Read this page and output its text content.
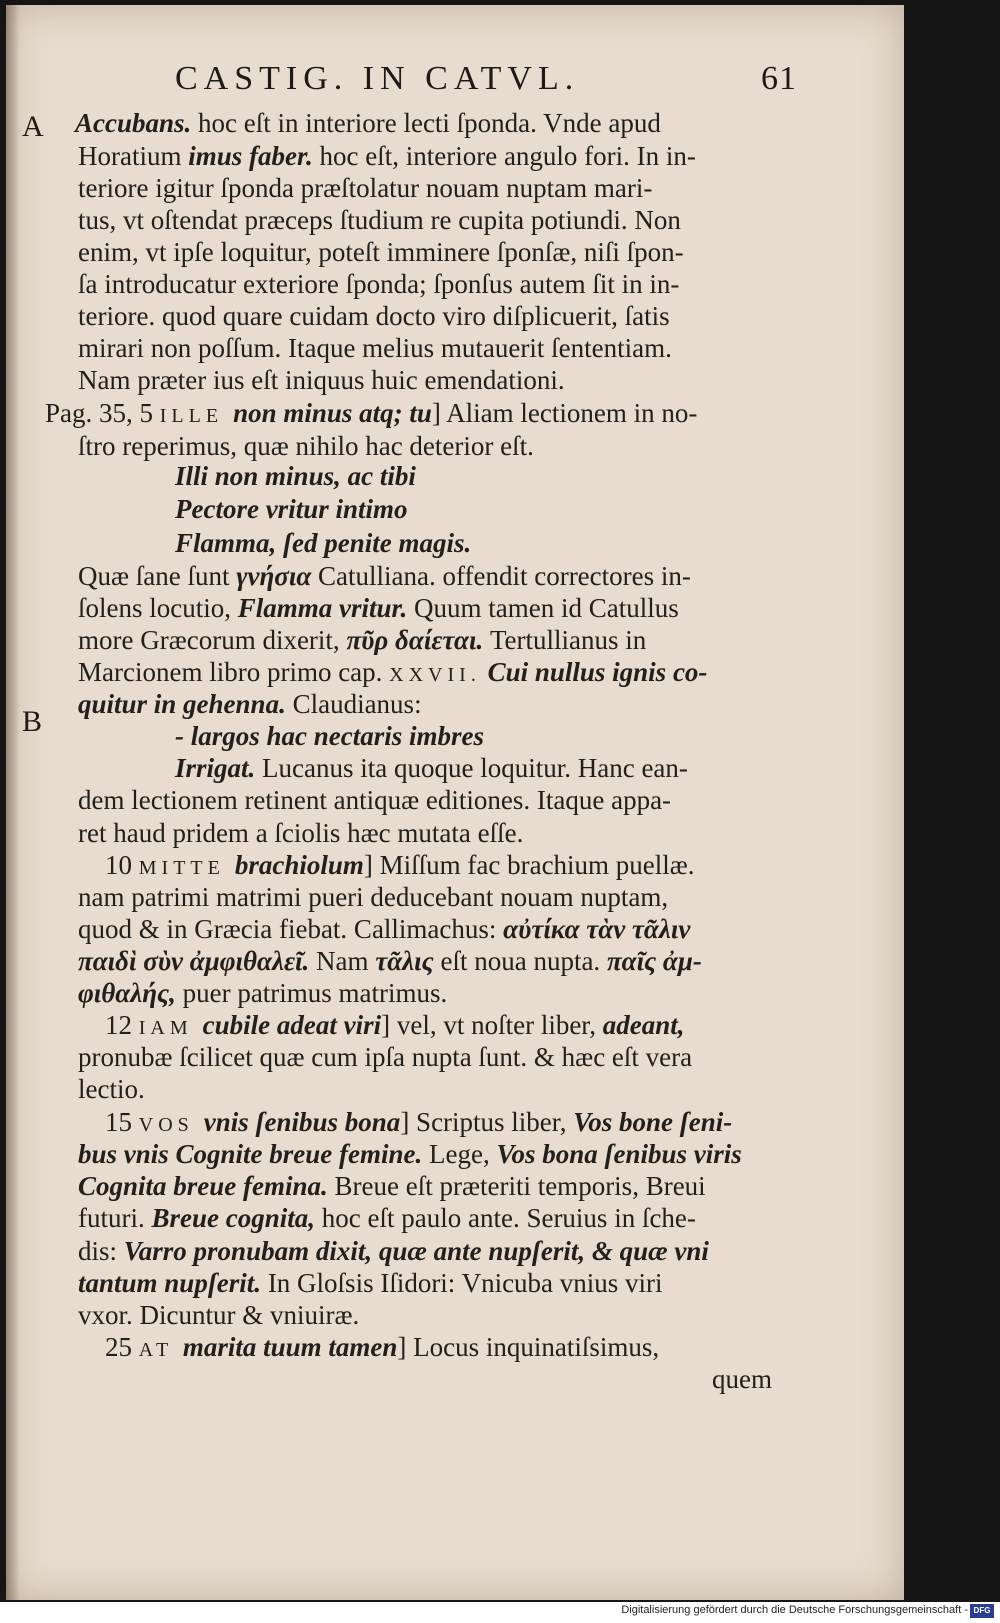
CASTIG. IN CATVL.	61
A
B
Accubans. hoc eſt in interiore lecti ſponda. Vnde apud
Horatium imus faber. hoc eſt, interiore angulo fori. In in-
teriore igitur ſponda præſtolatur nouam nuptam mari-
tus, vt oſtendat præceps ſtudium re cupita potiundi. Non
enim, vt ipſe loquitur, poteſt imminere ſponſæ, niſi ſpon-
ſa introducatur exteriore ſponda; ſponſus autem ſit in in-
teriore. quod quare cuidam docto viro diſplicuerit, ſatis
mirari non poſſum. Itaque melius mutauerit ſententiam.
Nam præter ius eſt iniquus huic emendationi.
Pag. 35, 5 ILLE non minus atq; tu] Aliam lectionem in no-
ſtro reperimus, quæ nihilo hac deterior eſt.
Illi non minus, ac tibi
Pectore vritur intimo
Flamma, ſed penite magis.
Quæ ſane ſunt γνήσια Catulliana. offendit correctores in-
ſolens locutio, Flamma vritur. Quum tamen id Catullus
more Græcorum dixerit, πῦρ δαίεται. Tertullianus in
Marcionem libro primo cap. XXVII. Cui nullus ignis co-
quitur in gehenna. Claudianus:
- largos hac nectaris imbres
Irrigat. Lucanus ita quoque loquitur. Hanc ean-
dem lectionem retinent antiquæ editiones. Itaque appa-
ret haud pridem a ſciolis hæc mutata eſſe.
10 MITTE brachiolum] Miſſum fac brachium puellæ.
nam patrimi matrimi pueri deducebant nouam nuptam,
quod & in Græcia fiebat. Callimachus: αὐτίκα τὰν τᾶλιν
παιδὶ σὺν ἀμφιθαλεῖ. Nam τᾶλις eſt noua nupta. παῖς ἀμ-
φιθαλής, puer patrimus matrimus.
12 IAM cubile adeat viri] vel, vt noſter liber, adeant,
pronubæ ſcilicet quæ cum ipſa nupta ſunt. & hæc eſt vera
lectio.
15 VOS vnis ſenibus bona] Scriptus liber, Vos bone ſeni-
bus vnis Cognite breue femine. Lege, Vos bona ſenibus viris
Cognita breue femina. Breue eſt præteriti temporis, Breui
futuri. Breue cognita, hoc eſt paulo ante. Seruius in ſche-
dis: Varro pronubam dixit, quæ ante nupſerit, & quæ vni
tantum nupſerit. In Gloſsis Iſidori: Vnicuba vnius viri
vxor. Dicuntur & vniuiræ.
25 AT marita tuum tamen] Locus inquinatiſsimus,
quem
Digitalisierung gefördert durch die Deutsche Forschungsgemeinschaft - DFG
